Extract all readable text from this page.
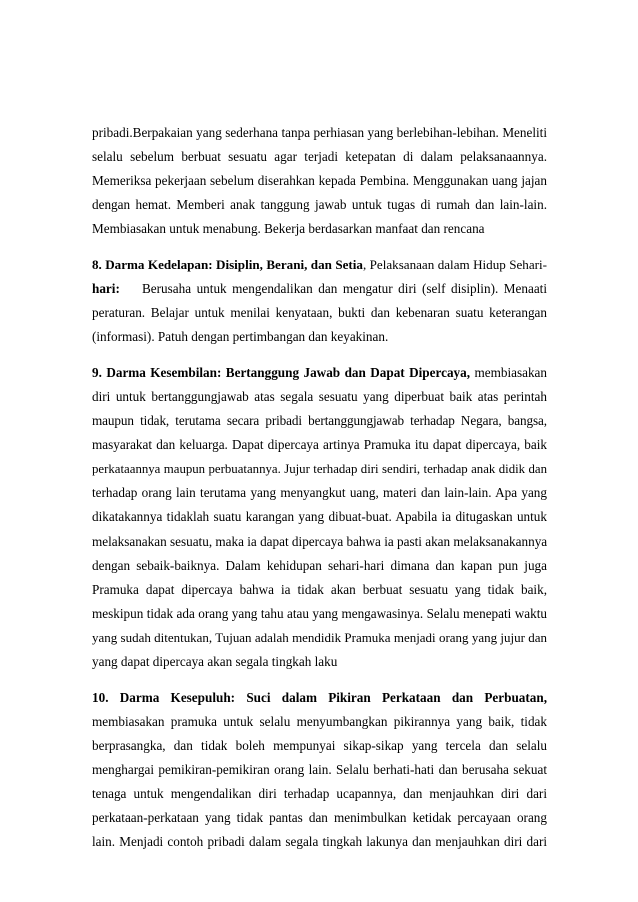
pribadi.Berpakaian yang sederhana tanpa perhiasan yang berlebihan-lebihan. Meneliti
selalu sebelum berbuat sesuatu agar terjadi ketepatan di dalam pelaksanaannya.
Memeriksa pekerjaan sebelum diserahkan kepada Pembina. Menggunakan uang jajan
dengan hemat. Memberi anak tanggung jawab untuk tugas di rumah dan lain-lain.
Membiasakan untuk menabung. Bekerja berdasarkan manfaat dan rencana
8. Darma Kedelapan: Disiplin, Berani, dan Setia, Pelaksanaan dalam Hidup Sehari-
hari:    Berusaha untuk mengendalikan dan mengatur diri (self disiplin). Menaati
peraturan. Belajar untuk menilai kenyataan, bukti dan kebenaran suatu keterangan
(informasi). Patuh dengan pertimbangan dan keyakinan.
9. Darma Kesembilan: Bertanggung Jawab dan Dapat Dipercaya, membiasakan
diri untuk bertanggungjawab atas segala sesuatu yang diperbuat baik atas perintah
maupun tidak, terutama secara pribadi bertanggungjawab terhadap Negara, bangsa,
masyarakat dan keluarga. Dapat dipercaya artinya Pramuka itu dapat dipercaya, baik
perkataannya maupun perbuatannya. Jujur terhadap diri sendiri, terhadap anak didik dan
terhadap orang lain terutama yang menyangkut uang, materi dan lain-lain. Apa yang
dikatakannya tidaklah suatu karangan yang dibuat-buat. Apabila ia ditugaskan untuk
melaksanakan sesuatu, maka ia dapat dipercaya bahwa ia pasti akan melaksanakannya
dengan sebaik-baiknya. Dalam kehidupan sehari-hari dimana dan kapan pun juga
Pramuka dapat dipercaya bahwa ia tidak akan berbuat sesuatu yang tidak baik,
meskipun tidak ada orang yang tahu atau yang mengawasinya. Selalu menepati waktu
yang sudah ditentukan, Tujuan adalah mendidik Pramuka menjadi orang yang jujur dan
yang dapat dipercaya akan segala tingkah laku
10. Darma Kesepuluh: Suci dalam Pikiran Perkataan dan Perbuatan,
membiasakan pramuka untuk selalu menyumbangkan pikirannya yang baik, tidak
berprasangka, dan tidak boleh mempunyai sikap-sikap yang tercela dan selalu
menghargai pemikiran-pemikiran orang lain. Selalu berhati-hati dan berusaha sekuat
tenaga untuk mengendalikan diri terhadap ucapannya, dan menjauhkan diri dari
perkataan-perkataan yang tidak pantas dan menimbulkan ketidak percayaan orang
lain. Menjadi contoh pribadi dalam segala tingkah lakunya dan menjauhkan diri dari
